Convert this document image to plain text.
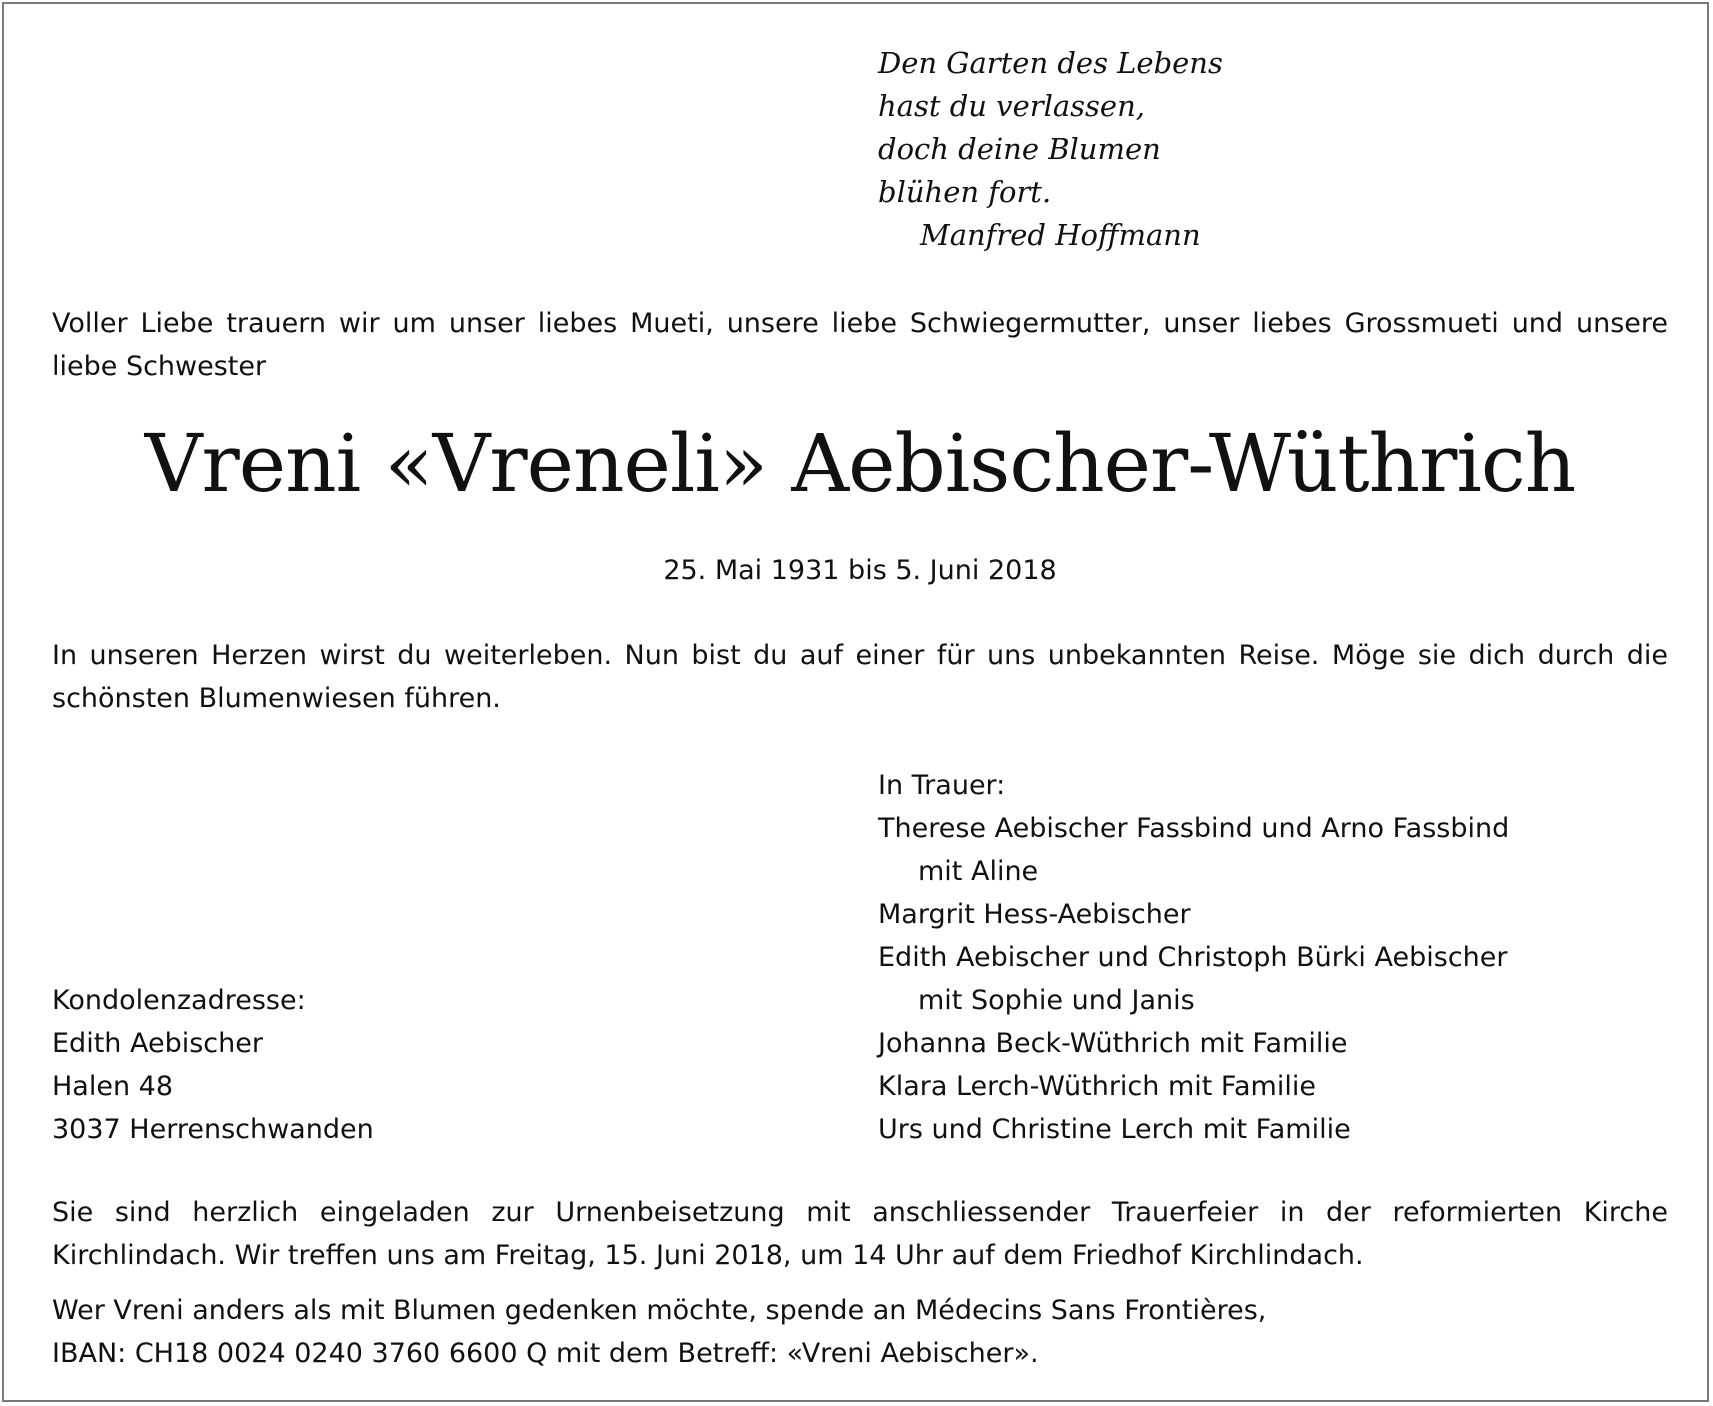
Den Garten des Lebens
hast du verlassen,
doch deine Blumen
blühen fort.
Manfred Hoffmann
Voller Liebe trauern wir um unser liebes Mueti, unsere liebe Schwiegermutter, unser liebes Grossmueti und unsere liebe Schwester
Vreni «Vreneli» Aebischer-Wüthrich
25. Mai 1931 bis 5. Juni 2018
In unseren Herzen wirst du weiterleben. Nun bist du auf einer für uns unbekannten Reise. Möge sie dich durch die schönsten Blumenwiesen führen.
In Trauer:
Therese Aebischer Fassbind und Arno Fassbind
mit Aline
Margrit Hess-Aebischer
Edith Aebischer und Christoph Bürki Aebischer
mit Sophie und Janis
Johanna Beck-Wüthrich mit Familie
Klara Lerch-Wüthrich mit Familie
Urs und Christine Lerch mit Familie
Kondolenzadresse:
Edith Aebischer
Halen 48
3037 Herrenschwanden
Sie sind herzlich eingeladen zur Urnenbeisetzung mit anschliessender Trauerfeier in der reformierten Kirche Kirchlindach. Wir treffen uns am Freitag, 15. Juni 2018, um 14 Uhr auf dem Friedhof Kirchlindach.
Wer Vreni anders als mit Blumen gedenken möchte, spende an Médecins Sans Frontières,
IBAN: CH18 0024 0240 3760 6600 Q mit dem Betreff: «Vreni Aebischer».
